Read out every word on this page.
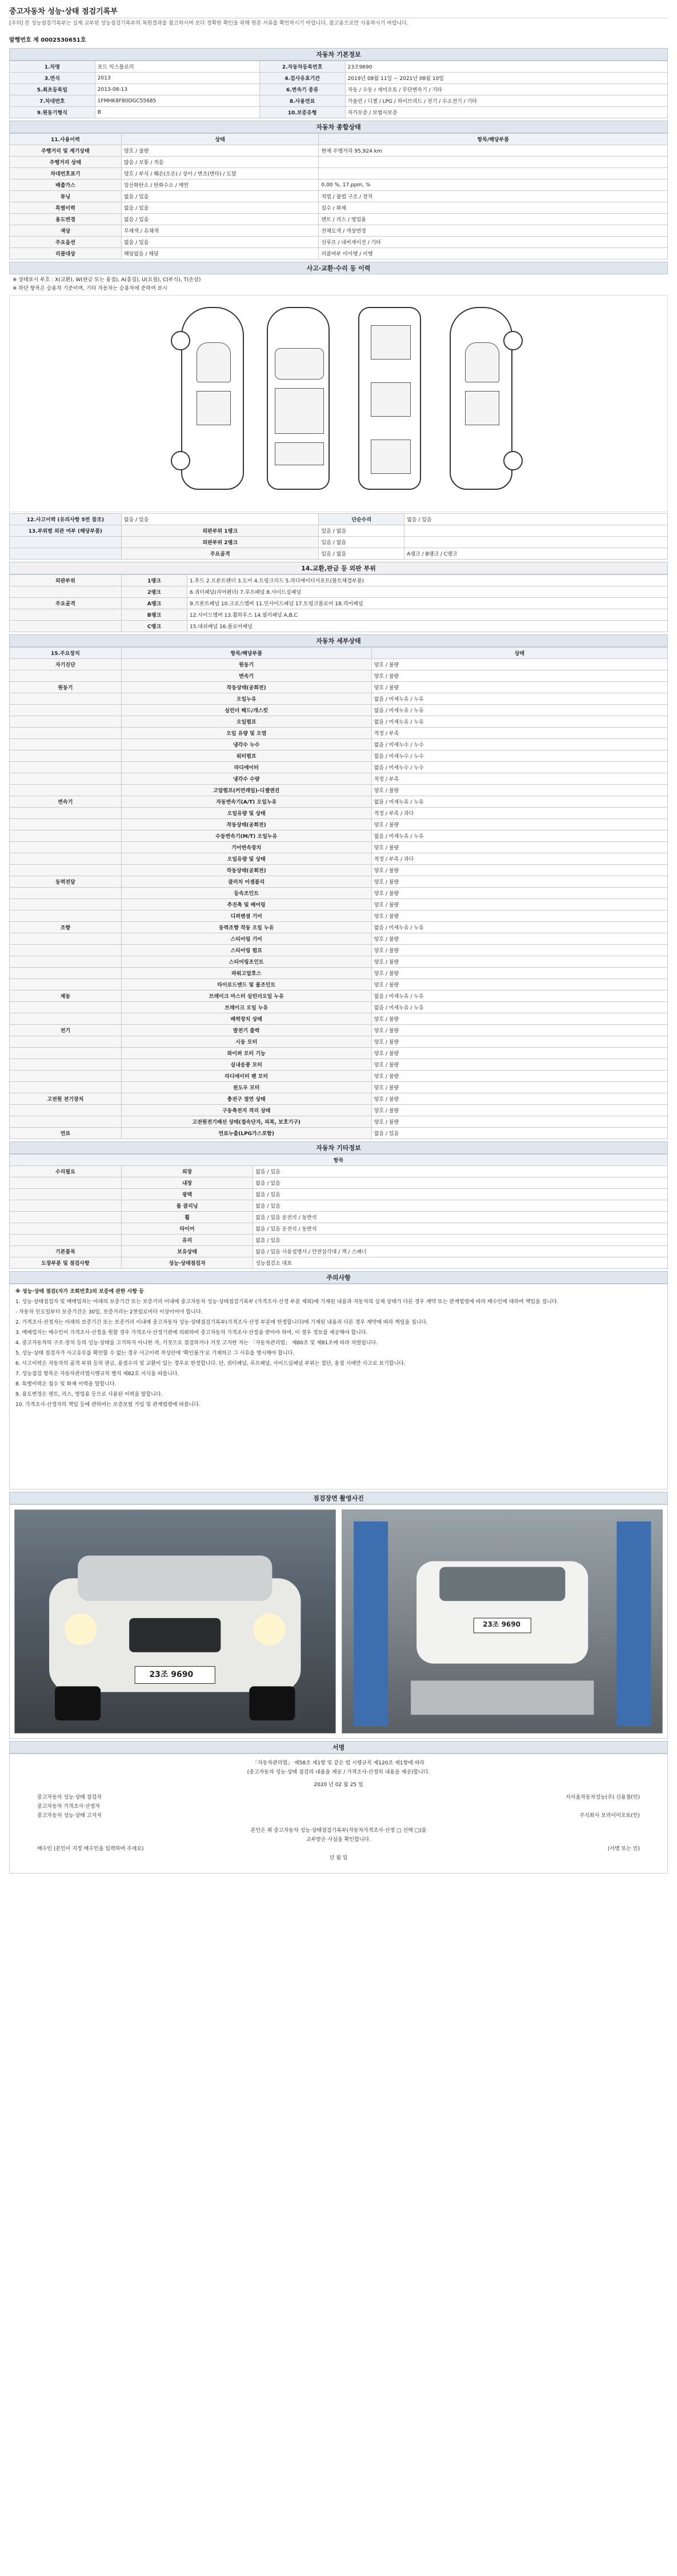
중고자동차 성능·상태 점검기록부
[주의] 본 성능점검기록부는 실제 교부된 성능점검기록부의 복원결과를 참고하시며 보다 정확한 확인을 위해 원본 서류를 확인하시기 바랍니다. 참고용으로만 사용하시기 바랍니다.
발행번호 제 0002530651호
자동차 기본정보
1.차명	포드 익스플로러	2.자동차등록번호	23조9690
3.연식	2013	4.검사유효기간	2019년 08월 11일 ~ 2021년 08월 10일
5.최초등록일	2013-08-13	6.변속기 종류	자동 / 수동 / 세미오토 / 무단변속기 / 기타
7.차대번호	1FMHK8F80DGC55685	8.사용연료	가솔린 / 디젤 / LPG / 하이브리드 / 전기 / 수소전기 / 기타
9.원동기형식	B	10.보증유형	자가보증 / 보험사보증
자동차 종합상태
11.사용이력	상태	항목/해당부품
주행거리 및 계기상태	양호 / 불량	현재 주행거리 95,924 km
주행거리 상태	많음 / 보통 / 적음	
차대번호표기	양호 / 부식 / 훼손(오손) / 상이 / 변조(변타) / 도말	
배출가스	일산화탄소 / 탄화수소 / 매연	0.00 %, 17.ppm, %
튜닝	없음 / 있음	적법 / 불법 구조 / 장치
특별이력	없음 / 있음	침수 / 화재
용도변경	없음 / 있음	렌트 / 리스 / 영업용
색상	무채색 / 유채색	전체도색 / 색상변경
주요옵션	없음 / 있음	선루프 / 내비게이션 / 기타
리콜대상	해당없음 / 해당	리콜여부 미이행 / 이행
사고·교환·수리 등 이력
※ 상태표시 부호 : X(교환), W(판금 또는 용접), A(흠집), U(요철), C(부식), T(손상)
※ 하단 항목은 승용차 기준이며, 기타 자동차는 승용차에 준하여 표시
12.사고이력 (유의사항 5번 참조)	없음 / 있음	단순수리	없음 / 있음
13.부위별 외관 여부 (해당부품)	외판부위 1랭크	있음 / 없음	
	외판부위 2랭크	있음 / 없음	
	주요골격	있음 / 없음	A랭크 / B랭크 / C랭크
14.교환,판금 등 외판 부위
외판부위	1랭크	1.후드 2.프론트펜더 3.도어 4.트렁크리드 5.라디에이터서포트(볼트체결부품)
	2랭크	6.쿼터패널(리어펜더) 7.루프패널 8.사이드실패널
주요골격	A랭크	9.프론트패널 10.크로스멤버 11.인사이드패널 17.트렁크플로어 18.리어패널
	B랭크	12.사이드멤버 13.휠하우스 14.필러패널 A,B,C
	C랭크	15.대쉬패널 16.플로어패널
자동차 세부상태
15.주요장치	항목/해당부품	상태
자기진단	원동기	양호 / 불량
	변속기	양호 / 불량
원동기	작동상태(공회전)	양호 / 불량
	오일누유	없음 / 미세누유 / 누유
	실린더 헤드/개스킷	없음 / 미세누유 / 누유
	오일펌프	없음 / 미세누유 / 누유
	오일 유량 및 오염	적정 / 부족
	냉각수 누수	없음 / 미세누수 / 누수
	워터펌프	없음 / 미세누수 / 누수
	라디에이터	없음 / 미세누수 / 누수
	냉각수 수량	적정 / 부족
	고압펌프(커먼레일)-디젤엔진	양호 / 불량
변속기	자동변속기(A/T) 오일누유	없음 / 미세누유 / 누유
	오일유량 및 상태	적정 / 부족 / 과다
	작동상태(공회전)	양호 / 불량
	수동변속기(M/T) 오일누유	없음 / 미세누유 / 누유
	기어변속장치	양호 / 불량
	오일유량 및 상태	적정 / 부족 / 과다
	작동상태(공회전)	양호 / 불량
동력전달	클러치 어셈블리	양호 / 불량
	등속조인트	양호 / 불량
	추진축 및 베어링	양호 / 불량
	디퍼렌셜 기어	양호 / 불량
조향	동력조향 작동 오일 누유	없음 / 미세누유 / 누유
	스티어링 기어	양호 / 불량
	스티어링 펌프	양호 / 불량
	스티어링조인트	양호 / 불량
	파워고압호스	양호 / 불량
	타이로드엔드 및 볼조인트	양호 / 불량
제동	브레이크 마스터 실린더오일 누유	없음 / 미세누유 / 누유
	브레이크 오일 누유	없음 / 미세누유 / 누유
	배력장치 상태	양호 / 불량
전기	발전기 출력	양호 / 불량
	시동 모터	양호 / 불량
	와이퍼 모터 기능	양호 / 불량
	실내송풍 모터	양호 / 불량
	라디에이터 팬 모터	양호 / 불량
	윈도우 모터	양호 / 불량
고전원 전기장치	충전구 절연 상태	양호 / 불량
	구동축전지 격리 상태	양호 / 불량
	고전원전기배선 상태(접속단자, 피복, 보호기구)	양호 / 불량
연료	연료누출(LPG가스포함)	없음 / 있음
자동차 기타정보
항목		
수리필요	외장	없음 / 있음
	내장	없음 / 있음
	광택	없음 / 있음
	룸 클리닝	없음 / 있음
	휠	없음 / 있음 운전석 / 동반석
	타이어	없음 / 있음 운전석 / 동반석
	유리	없음 / 있음
기본품목	보유상태	없음 / 있음 사용설명서 / 안전삼각대 / 잭 / 스패너
도장부분 및 점검사항	성능·상태점검자	성능점검소 대표
주의사항

※ 성능·상태 점검(자가 조회번호)의 보증에 관한 사항 등

1. 성능·상태점검자 및 매매업자는 아래의 보증기간 또는 보증거리 이내에 중고자동차 성능·상태점검기록부 (가격조사·산정 부분 제외)에 기재된 내용과 자동차의 실제 상태가 다른 경우 계약 또는 관계법령에 따라 매수인에 대하여 책임을 집니다.

- 자동차 인도일부터 보증기간은 30일, 보증거리는 2천킬로미터 이상이어야 합니다.

2. 가격조사·산정자는 아래의 보증기간 또는 보증거리 이내에 중고자동차 성능·상태점검기록부(가격조사·산정 부분에 한정합니다)에 기재된 내용과 다른 경우 계약에 따라 책임을 집니다.

3. 매매업자는 매수인이 가격조사·산정을 원할 경우 가격조사·산정기관에 의뢰하여 중고자동차 가격조사·산정을 받아야 하며, 이 경우 정보를 제공해야 합니다.

4. 중고자동차의 구조·장치 등의 성능·상태를 고지하지 아니한 자, 거짓으로 점검하거나 거짓 고지한 자는 「자동차관리법」 제80조 및 제81조에 따라 처벌됩니다.

5. 성능·상태 점검자가 사고유무를 확인할 수 없는 경우 사고이력 작성란에 '확인불가'로 기재하고 그 사유를 명시해야 합니다.

6. 사고이력은 자동차의 골격 부위 등의 판금, 용접수리 및 교환이 있는 경우로 한정합니다. 단, 쿼터패널, 루프패널, 사이드실패널 부위는 절단, 용접 시에만 사고로 표기합니다.

7. 성능점검 항목은 자동차관리법시행규칙 별지 제82호 서식을 따릅니다.

8. 특별이력은 침수 및 화재 이력을 말합니다.

9. 용도변경은 렌트, 리스, 영업용 등으로 사용된 이력을 말합니다.

10. 가격조사·산정자의 책임 등에 관하여는 보증보험 가입 및 관계법령에 따릅니다.

점검장면 촬영사진
23조 9690
23조 9690
서명
「자동차관리법」 제58조 제1항 및 같은 법 시행규칙 제120조 제1항에 따라
(중고자동차 성능·상태 점검의 내용을 제공 / 가격조사·산정의 내용을 제공)합니다.
2020 년 02 월 25 일
중고자동차 성능·상태 점검자	서서울자동차성능(주) 신용철(인)
중고자동차 가격조사·산정자
중고자동차 성능·상태 고지자	주식회사 보리이미오토(인)
본인은 위 중고자동차 성능·상태점검기록부(자동차가격조사·산정 □ 선택 □)를
교부받은 사실을 확인합니다.
매수인 (본인이 지정 매수인을 입력하여 주세요)	(서명 또는 인)
년 월 일
